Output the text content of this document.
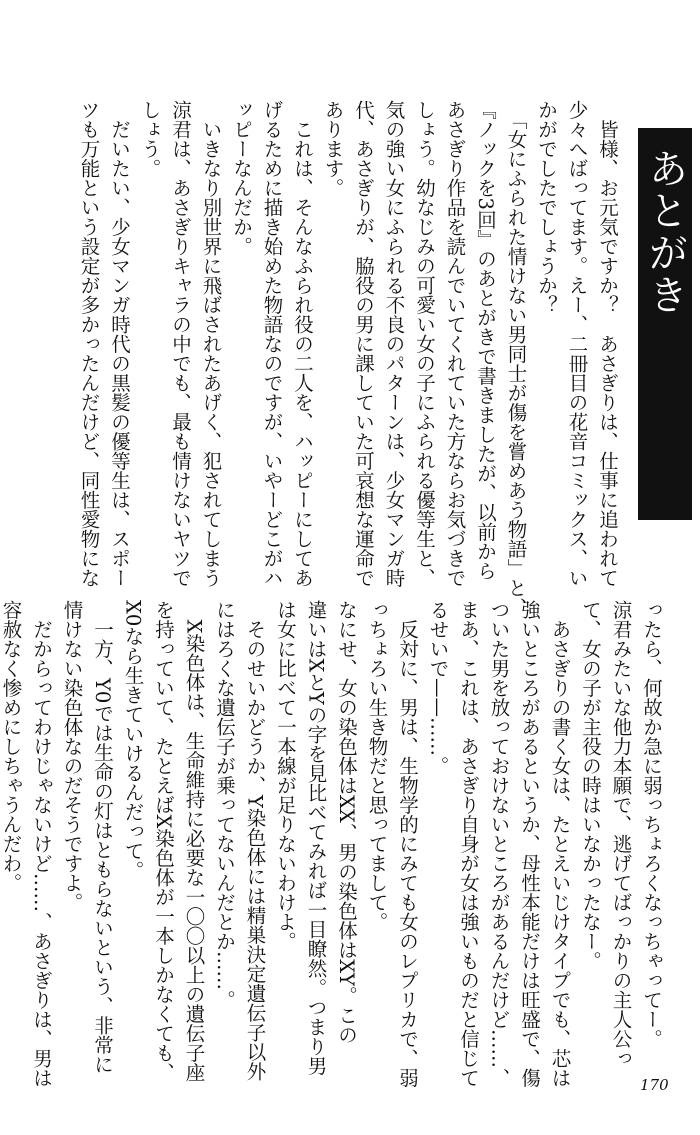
あとがき
　皆様、お元気ですか？　あさぎりは、仕事に追われて
少々へばってます。えー、二冊目の花音コミックス、い
かがでしたでしょうか？
　「女にふられた情けない男同士が傷を嘗めあう物語」と、
『ノックを3回』のあとがきで書きましたが、以前から
あさぎり作品を読んでいてくれていた方ならお気づきで
しょう。幼なじみの可愛い女の子にふられる優等生と、
気の強い女にふられる不良のパターンは、少女マンガ時
代、あさぎりが、脇役の男に課していた可哀想な運命で
あります。
　これは、そんなふられ役の二人を、ハッピーにしてあ
げるために描き始めた物語なのですが、いやーどこがハ
ッピーなんだか。
　いきなり別世界に飛ばされたあげく、犯されてしまう
涼君は、あさぎりキャラの中でも、最も情けないヤツで
しょう。
　だいたい、少女マンガ時代の黒髪の優等生は、スポー
ツも万能という設定が多かったんだけど、同性愛物にな
ったら、何故か急に弱っちょろくなっちゃってー。
涼君みたいな他力本願で、逃げてばっかりの主人公っ
て、女の子が主役の時はいなかったなー。
　あさぎりの書く女は、たとえいじけタイプでも、芯は
強いところがあるというか、母性本能だけは旺盛で、傷
ついた男を放っておけないところがあるんだけど……、
まあ、これは、あさぎり自身が女は強いものだと信じて
るせいで——……。
　反対に、男は、生物学的にみても女のレプリカで、弱
っちょろい生き物だと思ってまして。
なにせ、女の染色体はXX、男の染色体はXY。この
違いはXとYの字を見比べてみれば一目瞭然。つまり男
は女に比べて一本線が足りないわけよ。
　そのせいかどうか、Y染色体には精巣決定遺伝子以外
にはろくな遺伝子が乗ってないんだとか……。
　X染色体は、生命維持に必要な一〇〇以上の遺伝子座
を持っていて、たとえばX染色体が一本しかなくても、
X0なら生きていけるんだって。
　一方、Y0では生命の灯はともらないという、非常に
情けない染色体なのだそうですよ。
　だからってわけじゃないけど……、あさぎりは、男は
容赦なく惨めにしちゃうんだわ。
170
